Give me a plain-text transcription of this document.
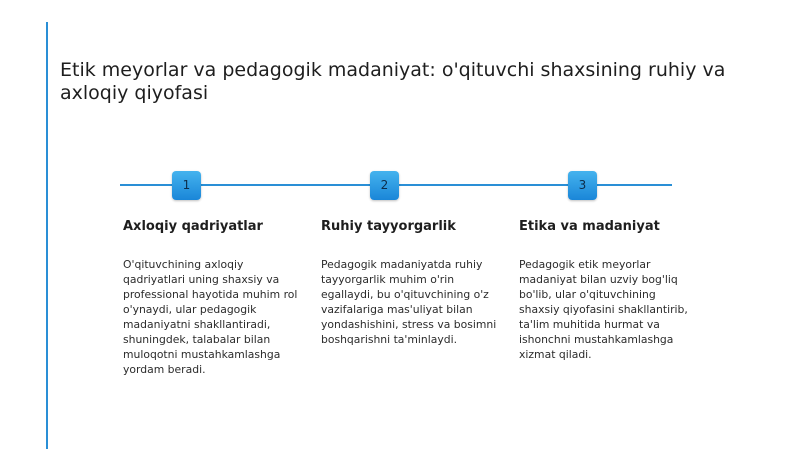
Etik meyorlar va pedagogik madaniyat: o'qituvchi shaxsining ruhiy va axloqiy qiyofasi
1	2	3
Axloqiy qadriyatlar

O'qituvchining axloqiy qadriyatlari uning shaxsiy va professional hayotida muhim rol o'ynaydi, ular pedagogik madaniyatni shakllantiradi, shuningdek, talabalar bilan muloqotni mustahkamlashga yordam beradi.

Ruhiy tayyorgarlik

Pedagogik madaniyatda ruhiy tayyorgarlik muhim o'rin egallaydi, bu o'qituvchining o'z vazifalariga mas'uliyat bilan yondashishini, stress va bosimni boshqarishni ta'minlaydi.

Etika va madaniyat

Pedagogik etik meyorlar madaniyat bilan uzviy bog'liq bo'lib, ular o'qituvchining shaxsiy qiyofasini shakllantirib, ta'lim muhitida hurmat va ishonchni mustahkamlashga xizmat qiladi.
